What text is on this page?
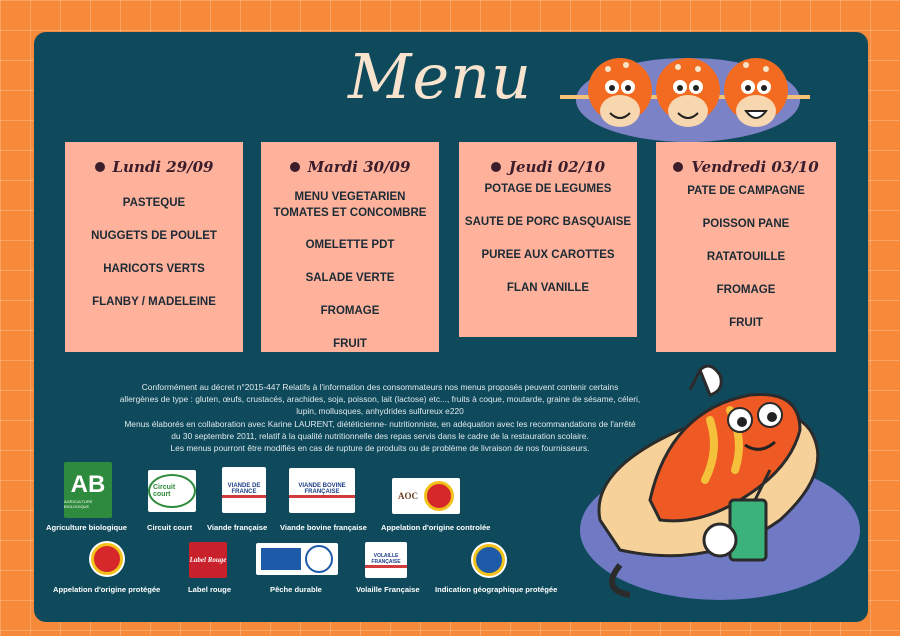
Menu
Lundi 29/09
PASTEQUE
NUGGETS DE POULET
HARICOTS VERTS
FLANBY / MADELEINE
Mardi 30/09
MENU VEGETARIEN
TOMATES ET CONCOMBRE
OMELETTE PDT
SALADE VERTE
FROMAGE
FRUIT
Jeudi 02/10
POTAGE DE LEGUMES
SAUTE DE PORC BASQUAISE
PUREE AUX CAROTTES
FLAN VANILLE
Vendredi 03/10
PATE DE CAMPAGNE
POISSON PANE
RATATOUILLE
FROMAGE
FRUIT
Conformément au décret n°2015-447 Relatifs à l'information des consommateurs nos menus proposés peuvent contenir certains
allergènes de type : gluten, œufs, crustacés, arachides, soja, poisson, lait (lactose) etc..., fruits à coque, moutarde, graine de sésame, céleri,
lupin, mollusques, anhydrides sulfureux e220
Menus élaborés en collaboration avec Karine LAURENT, diététicienne- nutritionniste, en adéquation avec les recommandations de l'arrêté
du 30 septembre 2011, relatif à la qualité nutritionnelle des repas servis dans le cadre de la restauration scolaire.
Les menus pourront être modifiés en cas de rupture de produits ou de problème de livraison de nos fournisseurs.
AB
AGRICULTURE BIOLOGIQUE
Agriculture biologique
Circuit court
Circuit court
VIANDE DE FRANCE
Viande française
VIANDE BOVINE FRANÇAISE
Viande bovine française
AOC
Appelation d'origine controlée
Appelation d'origine protégée
Label Rouge
Label rouge	Pêche durable
VOLAILLE FRANÇAISE
Volaille Française Indication géographique protégée
